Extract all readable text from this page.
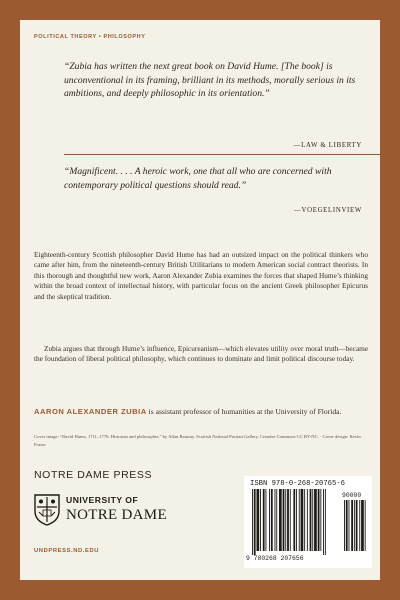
POLITICAL THEORY • PHILOSOPHY
“Zubia has written the next great book on David Hume. [The book] is unconventional in its framing, brilliant in its methods, morally serious in its ambitions, and deeply philosophic in its orientation.”
—LAW & LIBERTY
“Magnificent. . . . A heroic work, one that all who are concerned with contemporary political questions should read.”
—VOEGELINVIEW
Eighteenth-century Scottish philosopher David Hume has had an outsized impact on the political thinkers who came after him, from the nineteenth-century British Utilitarians to modern American social contract theorists. In this thorough and thoughtful new work, Aaron Alexander Zubia examines the forces that shaped Hume’s thinking within the broad context of intellectual history, with particular focus on the ancient Greek philosopher Epicurus and the skeptical tradition.
Zubia argues that through Hume’s influence, Epicureanism—which elevates utility over moral truth—became the foundation of liberal political philosophy, which continues to dominate and limit political discourse today.
AARON ALEXANDER ZUBIA is assistant professor of humanities at the University of Florida.
Cover image: “David Hume, 1711–1776. Historian and philosopher,” by Allan Ramsay. Scottish National Portrait Gallery, Creative Commons CC BY-NC. · Cover design: Kevin Fraser.
NOTRE DAME PRESS
UNIVERSITY OF
NOTRE DAME
UNDPRESS.ND.EDU
ISBN 978-0-268-20765-6
90000
9 780268 207656
